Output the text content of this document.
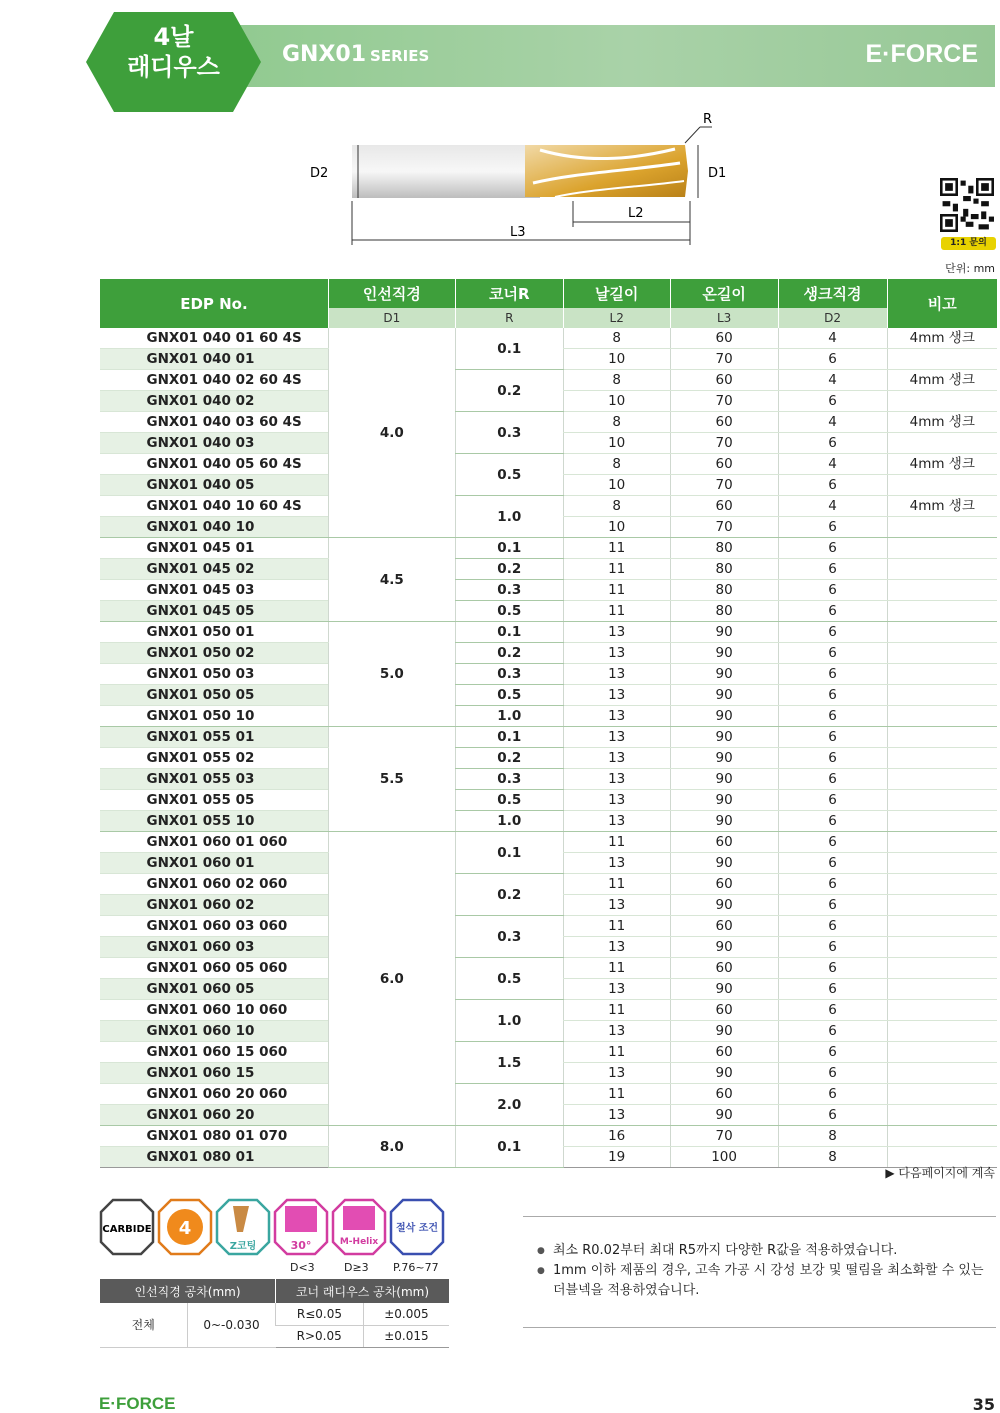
4날
래디우스	GNX01 SERIES	E·FORCE
R
D1
D2
L2
L3
1:1 문의
단위: mm
EDP No.	인선직경	코너R	날길이	온길이	생크직경	비고
	D1	R	L2	L3	D2	
GNX01 040 01 60 4S	4.0	0.1	8	60	4	4mm 생크
GNX01 040 01			10	70	6	
GNX01 040 02 60 4S		0.2	8	60	4	4mm 생크
GNX01 040 02			10	70	6	
GNX01 040 03 60 4S		0.3	8	60	4	4mm 생크
GNX01 040 03			10	70	6	
GNX01 040 05 60 4S		0.5	8	60	4	4mm 생크
GNX01 040 05			10	70	6	
GNX01 040 10 60 4S		1.0	8	60	4	4mm 생크
GNX01 040 10			10	70	6	
GNX01 045 01	4.5	0.1	11	80	6	
GNX01 045 02		0.2	11	80	6	
GNX01 045 03		0.3	11	80	6	
GNX01 045 05		0.5	11	80	6	
GNX01 050 01	5.0	0.1	13	90	6	
GNX01 050 02		0.2	13	90	6	
GNX01 050 03		0.3	13	90	6	
GNX01 050 05		0.5	13	90	6	
GNX01 050 10		1.0	13	90	6	
GNX01 055 01	5.5	0.1	13	90	6	
GNX01 055 02		0.2	13	90	6	
GNX01 055 03		0.3	13	90	6	
GNX01 055 05		0.5	13	90	6	
GNX01 055 10		1.0	13	90	6	
GNX01 060 01 060	6.0	0.1	11	60	6	
GNX01 060 01			13	90	6	
GNX01 060 02 060		0.2	11	60	6	
GNX01 060 02			13	90	6	
GNX01 060 03 060		0.3	11	60	6	
GNX01 060 03			13	90	6	
GNX01 060 05 060		0.5	11	60	6	
GNX01 060 05			13	90	6	
GNX01 060 10 060		1.0	11	60	6	
GNX01 060 10			13	90	6	
GNX01 060 15 060		1.5	11	60	6	
GNX01 060 15			13	90	6	
GNX01 060 20 060		2.0	11	60	6	
GNX01 060 20			13	90	6	
GNX01 080 01 070	8.0	0.1	16	70	8	
GNX01 080 01			19	100	8	
▶ 다음페이지에 계속
CARBIDE 4
Z코팅	30°	M-Helix
절삭 조건
D<3	D≥3 P.76~77
인선직경 공차(mm)		코너 래디우스 공차(mm)	
전체	0~-0.030	R≤0.05	±0.005
		R>0.05	±0.015
● 최소 R0.02부터 최대 R5까지 다양한 R값을 적용하였습니다.
● 1mm 이하 제품의 경우, 고속 가공 시 강성 보강 및 떨림을 최소화할 수 있는 더블넥을 적용하였습니다.
E·FORCE	35
